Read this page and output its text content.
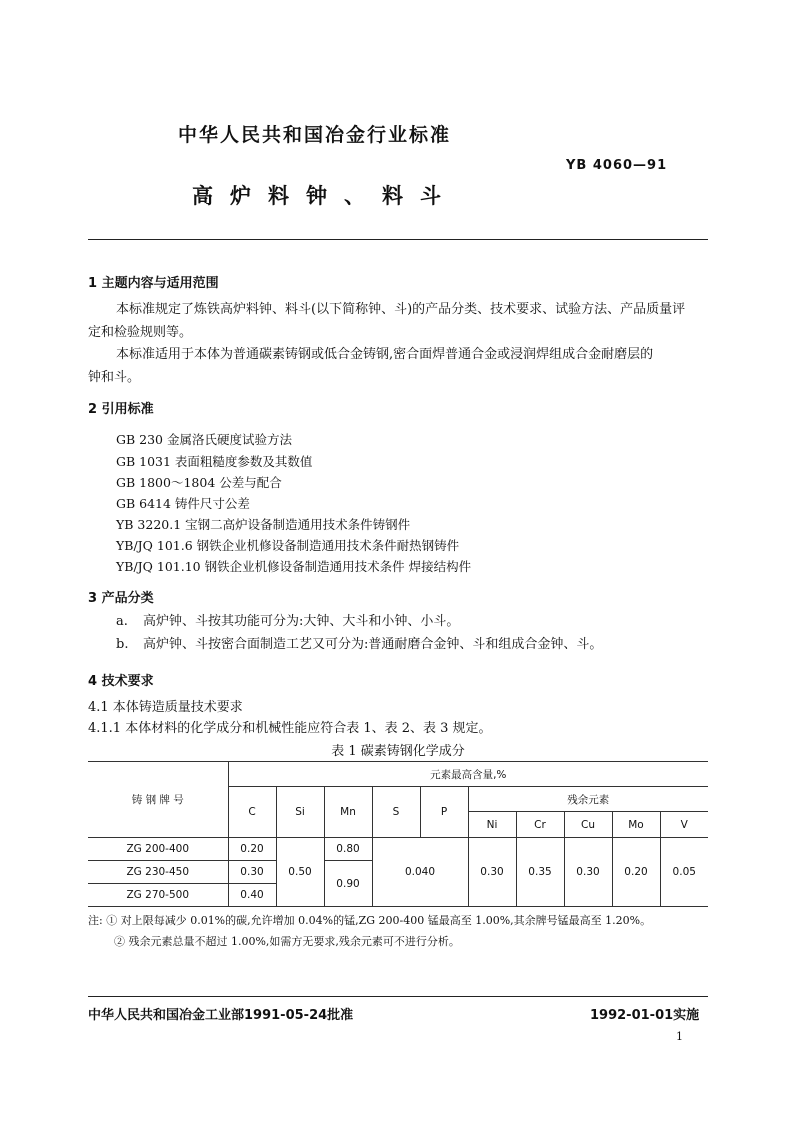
中华人民共和国冶金行业标准
YB 4060—91
高炉料钟、料斗
1 主题内容与适用范围
本标准规定了炼铁高炉料钟、料斗(以下简称钟、斗)的产品分类、技术要求、试验方法、产品质量评
定和检验规则等。
本标准适用于本体为普通碳素铸钢或低合金铸钢,密合面焊普通合金或浸润焊组成合金耐磨层的
钟和斗。
2 引用标准
GB 230 金属洛氏硬度试验方法
GB 1031 表面粗糙度参数及其数值
GB 1800～1804 公差与配合
GB 6414 铸件尺寸公差
YB 3220.1 宝钢二高炉设备制造通用技术条件铸钢件
YB/JQ 101.6 钢铁企业机修设备制造通用技术条件耐热钢铸件
YB/JQ 101.10 钢铁企业机修设备制造通用技术条件 焊接结构件
3 产品分类
a. 高炉钟、斗按其功能可分为:大钟、大斗和小钟、小斗。
b. 高炉钟、斗按密合面制造工艺又可分为:普通耐磨合金钟、斗和组成合金钟、斗。
4 技术要求
4.1 本体铸造质量技术要求
4.1.1 本体材料的化学成分和机械性能应符合表 1、表 2、表 3 规定。
表 1 碳素铸钢化学成分
铸 钢 牌 号	元素最高含量,%									
	C	Si	Mn	S	P	残余元素				
						Ni	Cr	Cu	Mo	V
ZG 200-400	0.20	0.50	0.80	0.040		0.30	0.35	0.30	0.20	0.05
ZG 230-450	0.30		0.90							
ZG 270-500	0.40									
注: ① 对上限每减少 0.01%的碳,允许增加 0.04%的锰,ZG 200-400 锰最高至 1.00%,其余牌号锰最高至 1.20%。
② 残余元素总量不超过 1.00%,如需方无要求,残余元素可不进行分析。
中华人民共和国冶金工业部1991-05-24批准	1992-01-01实施
1
